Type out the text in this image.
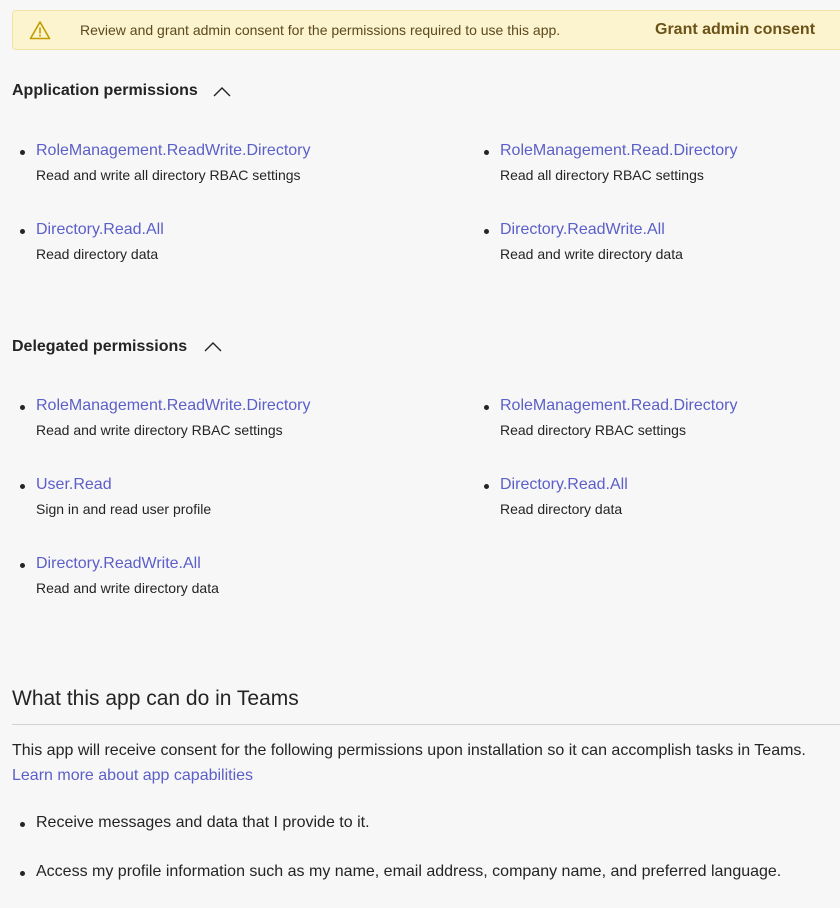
Review and grant admin consent for the permissions required to use this app.	Grant admin consent
Application permissions
RoleManagement.ReadWrite.Directory
Read and write all directory RBAC settings
RoleManagement.Read.Directory
Read all directory RBAC settings
Directory.Read.All
Read directory data
Directory.ReadWrite.All
Read and write directory data
Delegated permissions
RoleManagement.ReadWrite.Directory
Read and write directory RBAC settings
RoleManagement.Read.Directory
Read directory RBAC settings
User.Read
Sign in and read user profile
Directory.Read.All
Read directory data
Directory.ReadWrite.All
Read and write directory data
What this app can do in Teams
This app will receive consent for the following permissions upon installation so it can accomplish tasks in Teams. Learn more about app capabilities
Receive messages and data that I provide to it.
Access my profile information such as my name, email address, company name, and preferred language.
